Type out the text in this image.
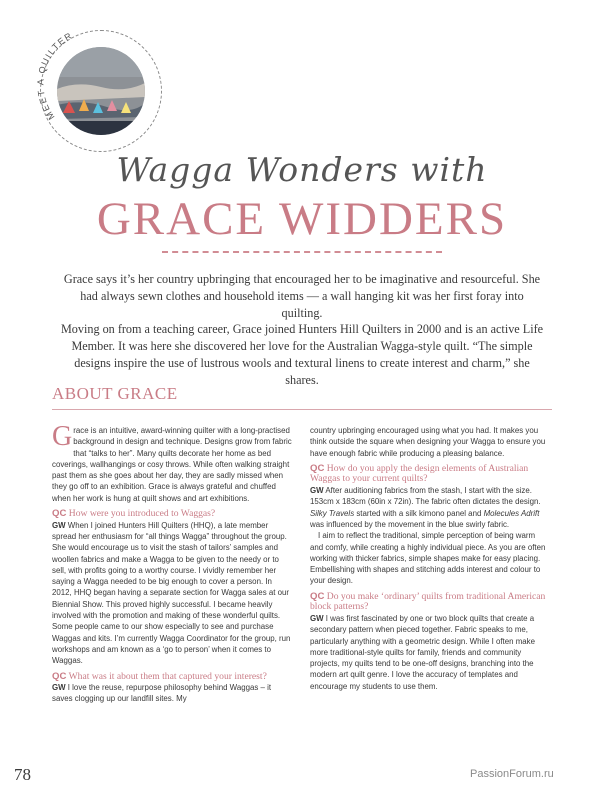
MEET A QUILTER
Wagga Wonders with
GRACE WIDDERS

Grace says it’s her country upbringing that encouraged her to be imaginative and resourceful. She had always sewn clothes and household items — a wall hanging kit was her first foray into quilting.

Moving on from a teaching career, Grace joined Hunters Hill Quilters in 2000 and is an active Life Member. It was here she discovered her love for the Australian Wagga-style quilt. “The simple designs inspire the use of lustrous wools and textural linens to create interest and charm,” she shares.

ABOUT GRACE

Grace is an intuitive, award-winning quilter with a long-practised background in design and technique. Designs grow from fabric that “talks to her”. Many quilts decorate her home as bed coverings, wallhangings or cosy throws. While often walking straight past them as she goes about her day, they are sadly missed when they go off to an exhibition. Grace is always grateful and chuffed when her work is hung at quilt shows and art exhibitions.

QC How were you introduced to Waggas?

GW When I joined Hunters Hill Quilters (HHQ), a late member spread her enthusiasm for “all things Wagga” throughout the group. She would encourage us to visit the stash of tailors’ samples and woollen fabrics and make a Wagga to be given to the needy or to sell, with profits going to a worthy course. I vividly remember her saying a Wagga needed to be big enough to cover a person. In 2012, HHQ began having a separate section for Wagga sales at our Biennial Show. This proved highly successful. I became heavily involved with the promotion and making of these wonderful quilts. Some people came to our show especially to see and purchase Waggas and kits. I’m currently Wagga Coordinator for the group, run workshops and am known as a ‘go to person’ when it comes to Waggas.

QC What was it about them that captured your interest?

GW I love the reuse, repurpose philosophy behind Waggas – it saves clogging up our landfill sites. My

country upbringing encouraged using what you had. It makes you think outside the square when designing your Wagga to ensure you have enough fabric while producing a pleasing balance.

QC How do you apply the design elements of Australian Waggas to your current quilts?

GW After auditioning fabrics from the stash, I start with the size. 153cm x 183cm (60in x 72in). The fabric often dictates the design. Silky Travels started with a silk kimono panel and Molecules Adrift was influenced by the movement in the blue swirly fabric.

I aim to reflect the traditional, simple perception of being warm and comfy, while creating a highly individual piece. As you are often working with thicker fabrics, simple shapes make for easy placing. Embellishing with shapes and stitching adds interest and colour to your design.

QC Do you make ‘ordinary’ quilts from traditional American block patterns?

GW I was first fascinated by one or two block quilts that create a secondary pattern when pieced together. Fabric speaks to me, particularly anything with a geometric design. While I often make more traditional-style quilts for family, friends and community projects, my quilts tend to be one-off designs, branching into the modern art quilt genre. I love the accuracy of templates and encourage my students to use them.

78	PassionForum.ru
